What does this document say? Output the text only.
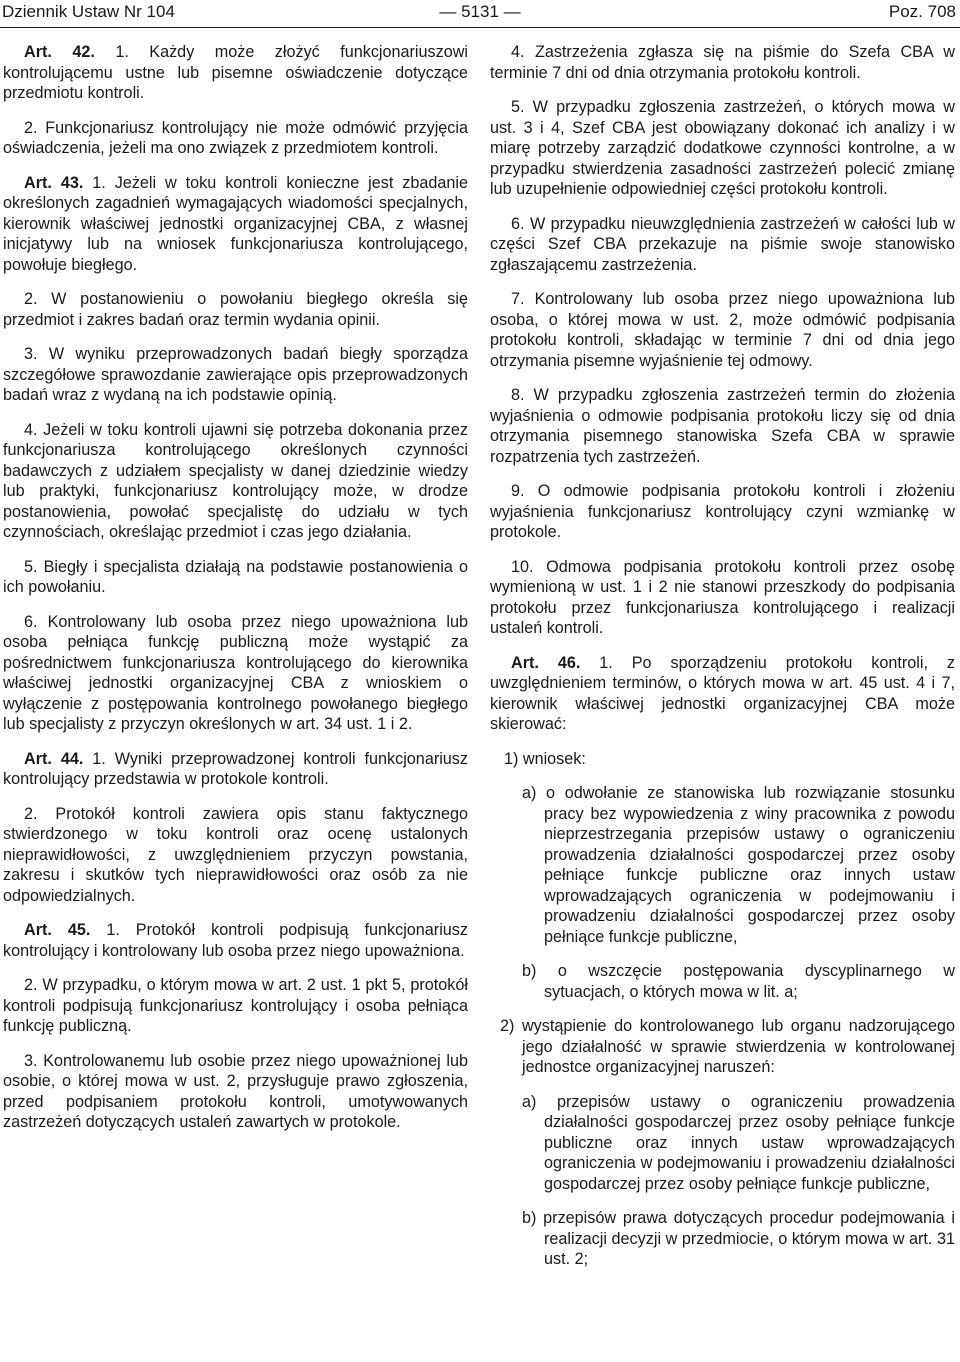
Dziennik Ustaw Nr 104	— 5131 —	Poz. 708

Art. 42. 1. Każdy może złożyć funkcjonariuszowi kontrolującemu ustne lub pisemne oświadczenie dotyczące przedmiotu kontroli.

2. Funkcjonariusz kontrolujący nie może odmówić przyjęcia oświadczenia, jeżeli ma ono związek z przedmiotem kontroli.

Art. 43. 1. Jeżeli w toku kontroli konieczne jest zbadanie określonych zagadnień wymagających wiadomości specjalnych, kierownik właściwej jednostki organizacyjnej CBA, z własnej inicjatywy lub na wniosek funkcjonariusza kontrolującego, powołuje biegłego.

2. W postanowieniu o powołaniu biegłego określa się przedmiot i zakres badań oraz termin wydania opinii.

3. W wyniku przeprowadzonych badań biegły sporządza szczegółowe sprawozdanie zawierające opis przeprowadzonych badań wraz z wydaną na ich podstawie opinią.

4. Jeżeli w toku kontroli ujawni się potrzeba dokonania przez funkcjonariusza kontrolującego określonych czynności badawczych z udziałem specjalisty w danej dziedzinie wiedzy lub praktyki, funkcjonariusz kontrolujący może, w drodze postanowienia, powołać specjalistę do udziału w tych czynnościach, określając przedmiot i czas jego działania.

5. Biegły i specjalista działają na podstawie postanowienia o ich powołaniu.

6. Kontrolowany lub osoba przez niego upoważniona lub osoba pełniąca funkcję publiczną może wystąpić za pośrednictwem funkcjonariusza kontrolującego do kierownika właściwej jednostki organizacyjnej CBA z wnioskiem o wyłączenie z postępowania kontrolnego powołanego biegłego lub specjalisty z przyczyn określonych w art. 34 ust. 1 i 2.

Art. 44. 1. Wyniki przeprowadzonej kontroli funkcjonariusz kontrolujący przedstawia w protokole kontroli.

2. Protokół kontroli zawiera opis stanu faktycznego stwierdzonego w toku kontroli oraz ocenę ustalonych nieprawidłowości, z uwzględnieniem przyczyn powstania, zakresu i skutków tych nieprawidłowości oraz osób za nie odpowiedzialnych.

Art. 45. 1. Protokół kontroli podpisują funkcjonariusz kontrolujący i kontrolowany lub osoba przez niego upoważniona.

2. W przypadku, o którym mowa w art. 2 ust. 1 pkt 5, protokół kontroli podpisują funkcjonariusz kontrolujący i osoba pełniąca funkcję publiczną.

3. Kontrolowanemu lub osobie przez niego upoważnionej lub osobie, o której mowa w ust. 2, przysługuje prawo zgłoszenia, przed podpisaniem protokołu kontroli, umotywowanych zastrzeżeń dotyczących ustaleń zawartych w protokole.

4. Zastrzeżenia zgłasza się na piśmie do Szefa CBA w terminie 7 dni od dnia otrzymania protokołu kontroli.

5. W przypadku zgłoszenia zastrzeżeń, o których mowa w ust. 3 i 4, Szef CBA jest obowiązany dokonać ich analizy i w miarę potrzeby zarządzić dodatkowe czynności kontrolne, a w przypadku stwierdzenia zasadności zastrzeżeń polecić zmianę lub uzupełnienie odpowiedniej części protokołu kontroli.

6. W przypadku nieuwzględnienia zastrzeżeń w całości lub w części Szef CBA przekazuje na piśmie swoje stanowisko zgłaszającemu zastrzeżenia.

7. Kontrolowany lub osoba przez niego upoważniona lub osoba, o której mowa w ust. 2, może odmówić podpisania protokołu kontroli, składając w terminie 7 dni od dnia jego otrzymania pisemne wyjaśnienie tej odmowy.

8. W przypadku zgłoszenia zastrzeżeń termin do złożenia wyjaśnienia o odmowie podpisania protokołu liczy się od dnia otrzymania pisemnego stanowiska Szefa CBA w sprawie rozpatrzenia tych zastrzeżeń.

9. O odmowie podpisania protokołu kontroli i złożeniu wyjaśnienia funkcjonariusz kontrolujący czyni wzmiankę w protokole.

10. Odmowa podpisania protokołu kontroli przez osobę wymienioną w ust. 1 i 2 nie stanowi przeszkody do podpisania protokołu przez funkcjonariusza kontrolującego i realizacji ustaleń kontroli.

Art. 46. 1. Po sporządzeniu protokołu kontroli, z uwzględnieniem terminów, o których mowa w art. 45 ust. 4 i 7, kierownik właściwej jednostki organizacyjnej CBA może skierować:

1) wniosek:

a) o odwołanie ze stanowiska lub rozwiązanie stosunku pracy bez wypowiedzenia z winy pracownika z powodu nieprzestrzegania przepisów ustawy o ograniczeniu prowadzenia działalności gospodarczej przez osoby pełniące funkcje publiczne oraz innych ustaw wprowadzających ograniczenia w podejmowaniu i prowadzeniu działalności gospodarczej przez osoby pełniące funkcje publiczne,

b) o wszczęcie postępowania dyscyplinarnego w sytuacjach, o których mowa w lit. a;

2) wystąpienie do kontrolowanego lub organu nadzorującego jego działalność w sprawie stwierdzenia w kontrolowanej jednostce organizacyjnej naruszeń:

a) przepisów ustawy o ograniczeniu prowadzenia działalności gospodarczej przez osoby pełniące funkcje publiczne oraz innych ustaw wprowadzających ograniczenia w podejmowaniu i prowadzeniu działalności gospodarczej przez osoby pełniące funkcje publiczne,

b) przepisów prawa dotyczących procedur podejmowania i realizacji decyzji w przedmiocie, o którym mowa w art. 31 ust. 2;
